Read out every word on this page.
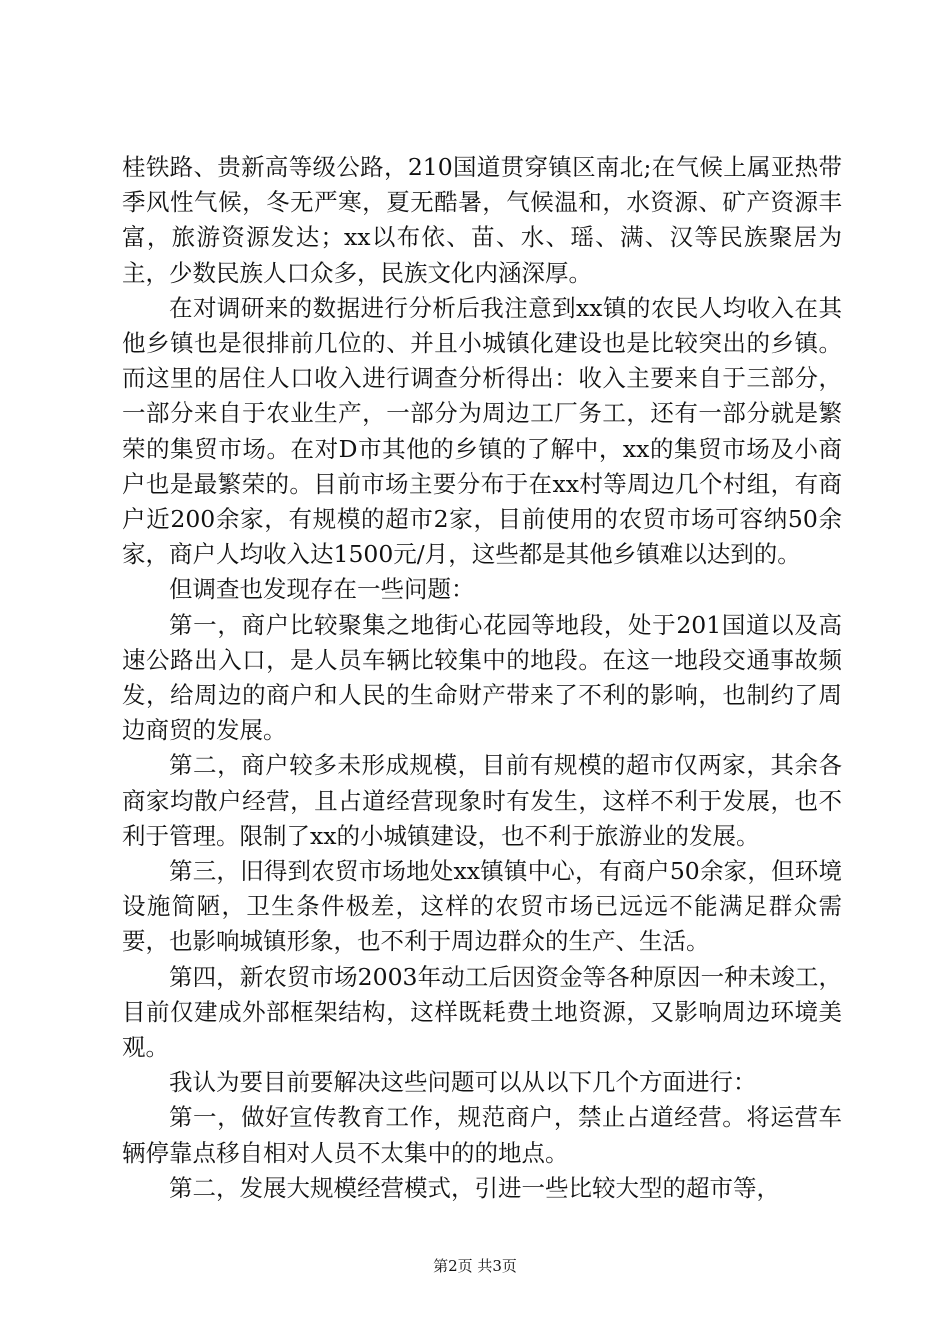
桂铁路、贵新高等级公路，210国道贯穿镇区南北;在气候上属亚热带季风性气候，冬无严寒，夏无酷暑，气候温和，水资源、矿产资源丰富，旅游资源发达；xx以布依、苗、水、瑶、满、汉等民族聚居为主，少数民族人口众多，民族文化内涵深厚。

在对调研来的数据进行分析后我注意到xx镇的农民人均收入在其他乡镇也是很排前几位的、并且小城镇化建设也是比较突出的乡镇。而这里的居住人口收入进行调查分析得出：收入主要来自于三部分，一部分来自于农业生产，一部分为周边工厂务工，还有一部分就是繁荣的集贸市场。在对D市其他的乡镇的了解中，xx的集贸市场及小商户也是最繁荣的。目前市场主要分布于在xx村等周边几个村组，有商户近200余家，有规模的超市2家，目前使用的农贸市场可容纳50余家，商户人均收入达1500元/月，这些都是其他乡镇难以达到的。

但调查也发现存在一些问题：

第一，商户比较聚集之地街心花园等地段，处于201国道以及高速公路出入口，是人员车辆比较集中的地段。在这一地段交通事故频发，给周边的商户和人民的生命财产带来了不利的影响，也制约了周边商贸的发展。

第二，商户较多未形成规模，目前有规模的超市仅两家，其余各商家均散户经营，且占道经营现象时有发生，这样不利于发展，也不利于管理。限制了xx的小城镇建设，也不利于旅游业的发展。

第三，旧得到农贸市场地处xx镇镇中心，有商户50余家，但环境设施简陋，卫生条件极差，这样的农贸市场已远远不能满足群众需要，也影响城镇形象，也不利于周边群众的生产、生活。

第四，新农贸市场2003年动工后因资金等各种原因一种未竣工，目前仅建成外部框架结构，这样既耗费土地资源，又影响周边环境美观。

我认为要目前要解决这些问题可以从以下几个方面进行：

第一，做好宣传教育工作，规范商户，禁止占道经营。将运营车辆停靠点移自相对人员不太集中的的地点。

第二，发展大规模经营模式，引进一些比较大型的超市等，

第2页 共3页
